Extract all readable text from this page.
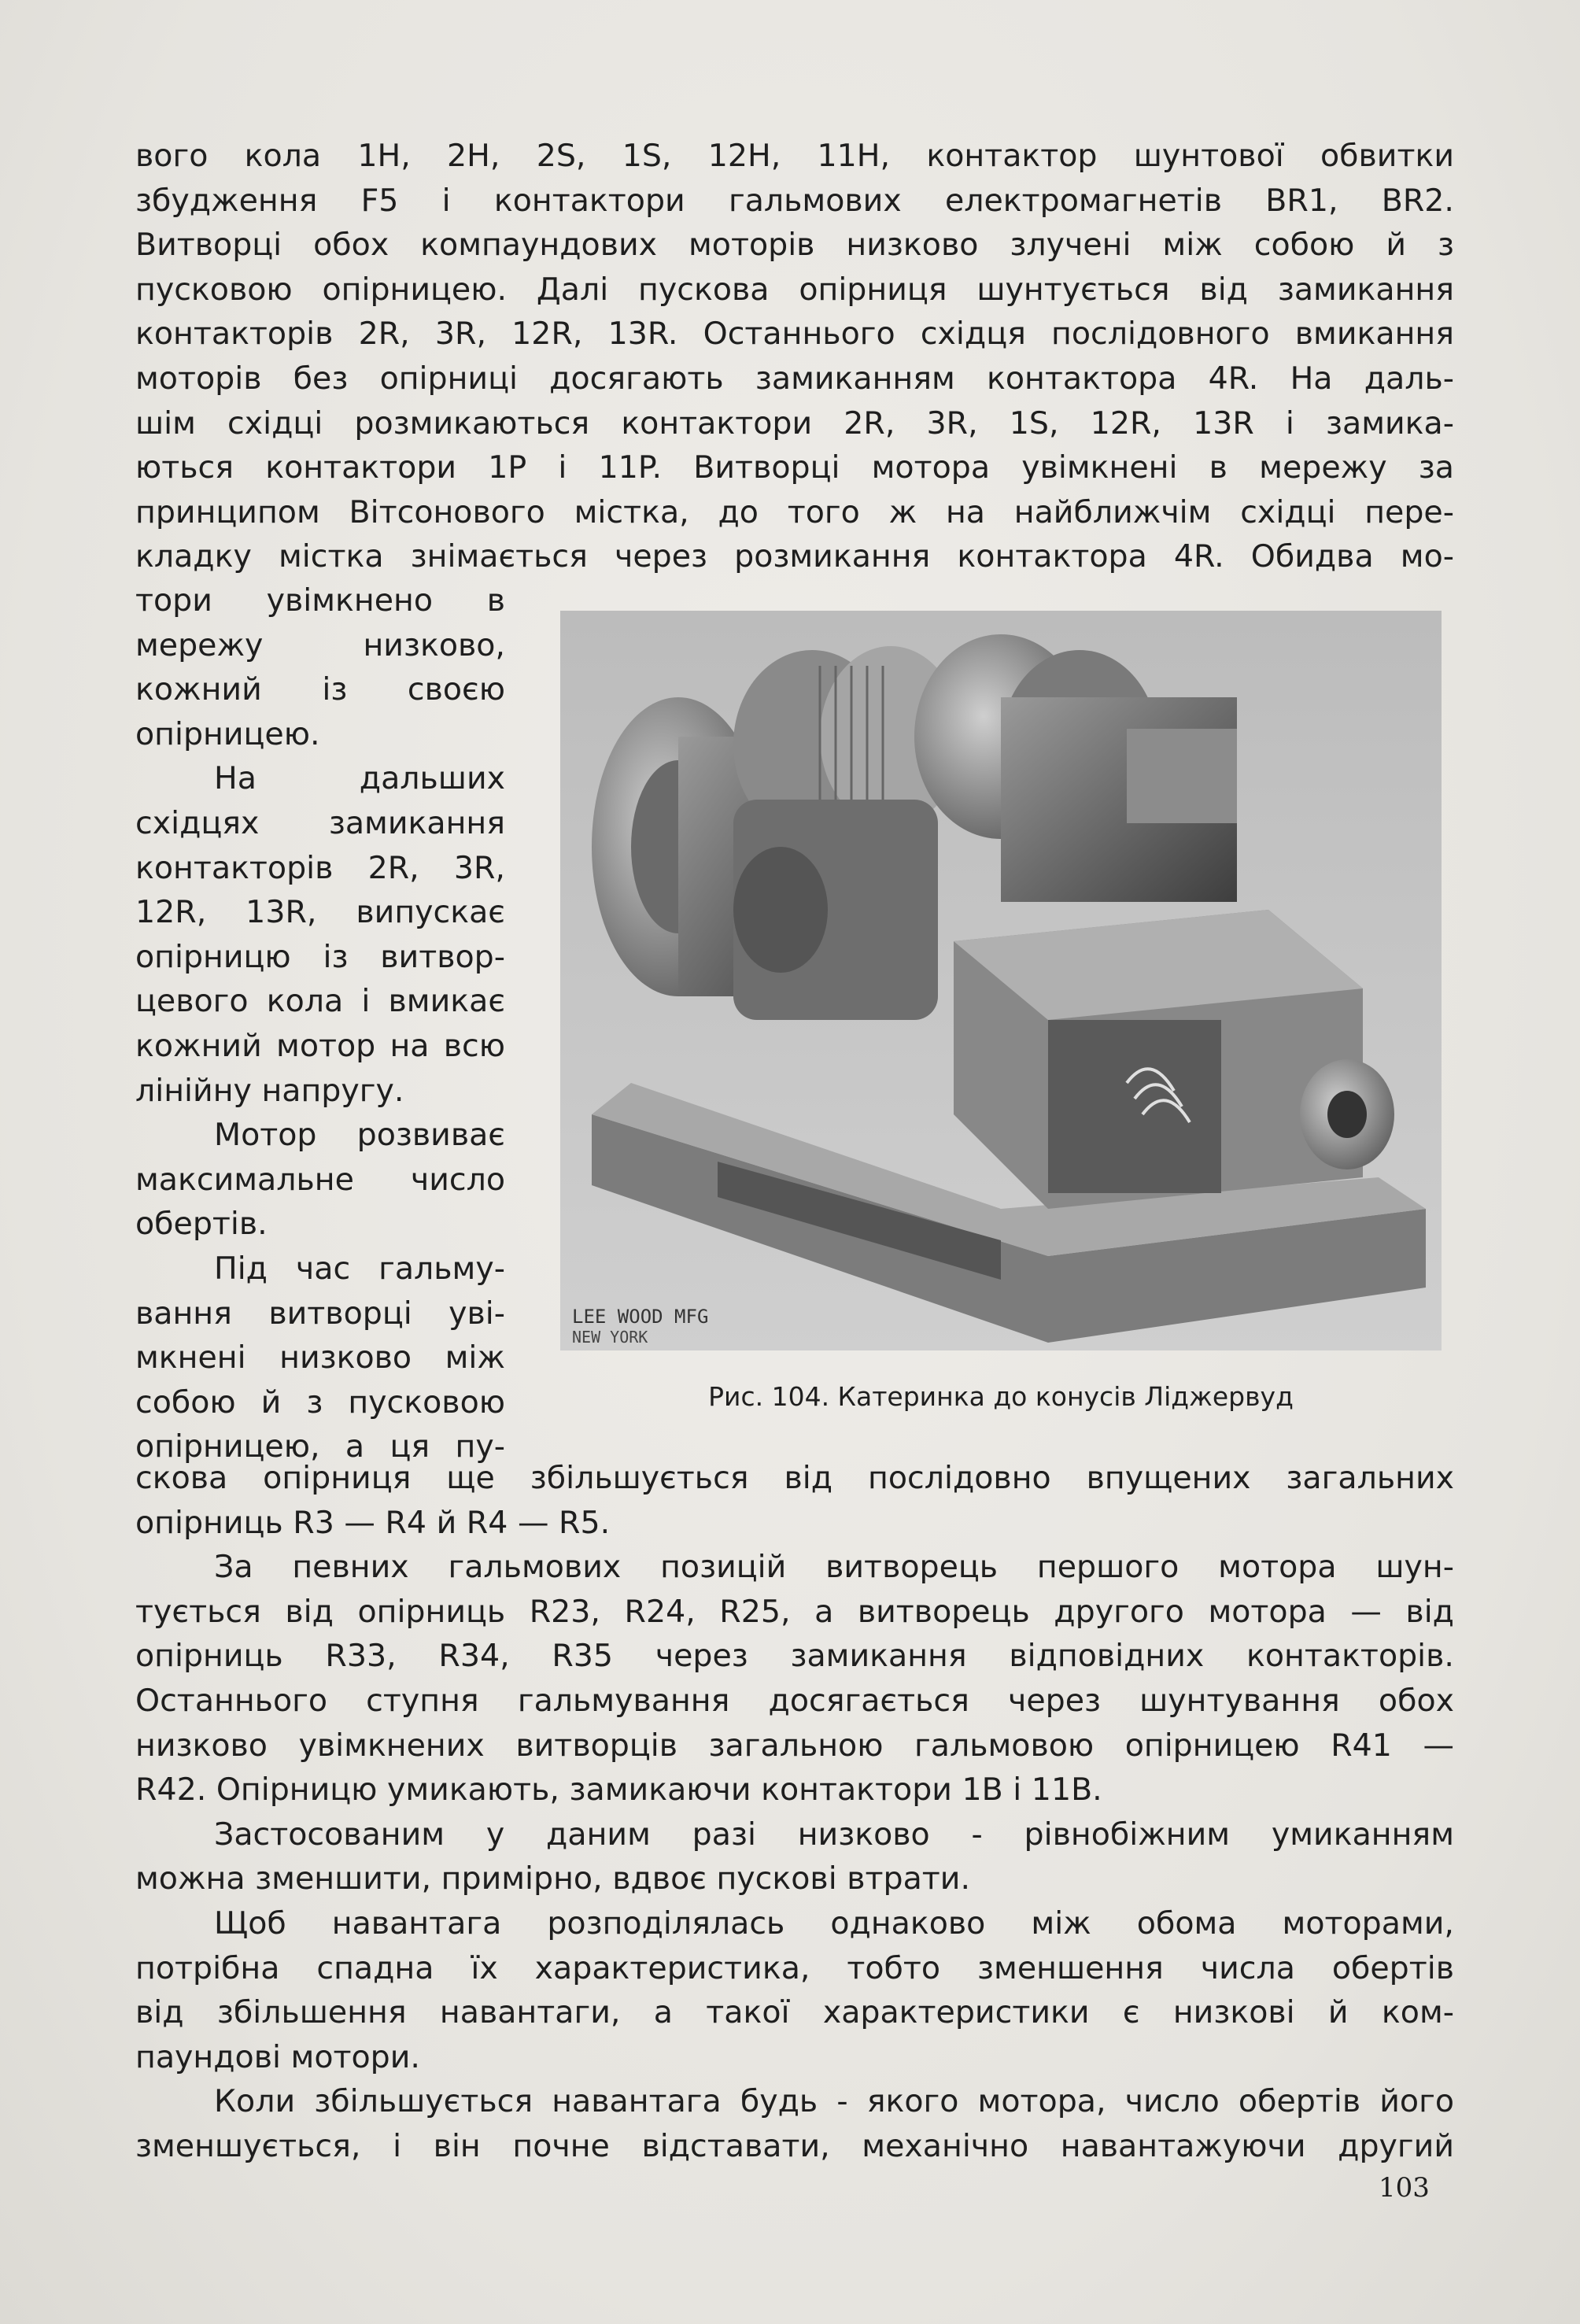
вого кола 1H, 2H, 2S, 1S, 12H, 11H, контактор шунтової обвитки
збудження F5 і контактори гальмових електромагнетів BR1, BR2.
Витворці обох компаундових моторів низково злучені між собою й з
пусковою опірницею. Далі пускова опірниця шунтується від замикання
контакторів 2R, 3R, 12R, 13R. Останнього східця послідовного вмикання
моторів без опірниці досягають замиканням контактора 4R. На даль-
шім східці розмикаються контактори 2R, 3R, 1S, 12R, 13R і замика-
ються контактори 1P і 11P. Витворці мотора увімкнені в мережу за
принципом Вітсонового містка, до того ж на найближчім східці пере-
кладку містка знімається через розмикання контактора 4R. Обидва мо-
тори увімкнено в
мережу низково,
кожний із своєю
опірницею.
На дальших
східцях замикання
контакторів 2R, 3R,
12R, 13R, випускає
опірницю із витвор-
цевого кола і вмикає
кожний мотор на всю
лінійну напругу.
Мотор розвиває
максимальне число
обертів.
Під час гальму-
вання витворці уві-
мкнені низково між
собою й з пусковою
опірницею, а ця пу-
LEE WOOD MFG
NEW YORK
Рис. 104. Катеринка до конусів Ліджервуд
скова опірниця ще збільшується від послідовно впущених загальних
опірниць R3 — R4 й R4 — R5.
За певних гальмових позицій витворець першого мотора шун-
тується від опірниць R23, R24, R25, а витворець другого мотора — від
опірниць R33, R34, R35 через замикання відповідних контакторів.
Останнього ступня гальмування досягається через шунтування обох
низково увімкнених витворців загальною гальмовою опірницею R41 —
R42. Опірницю умикають, замикаючи контактори 1B і 11B.
Застосованим у даним разі низково - рівнобіжним умиканням
можна зменшити, примірно, вдвоє пускові втрати.
Щоб навантага розподілялась однаково між обома моторами,
потрібна спадна їх характеристика, тобто зменшення числа обертів
від збільшення навантаги, а такої характеристики є низкові й ком-
паундові мотори.
Коли збільшується навантага будь - якого мотора, число обертів його
зменшується, і він почне відставати, механічно навантажуючи другий
103
